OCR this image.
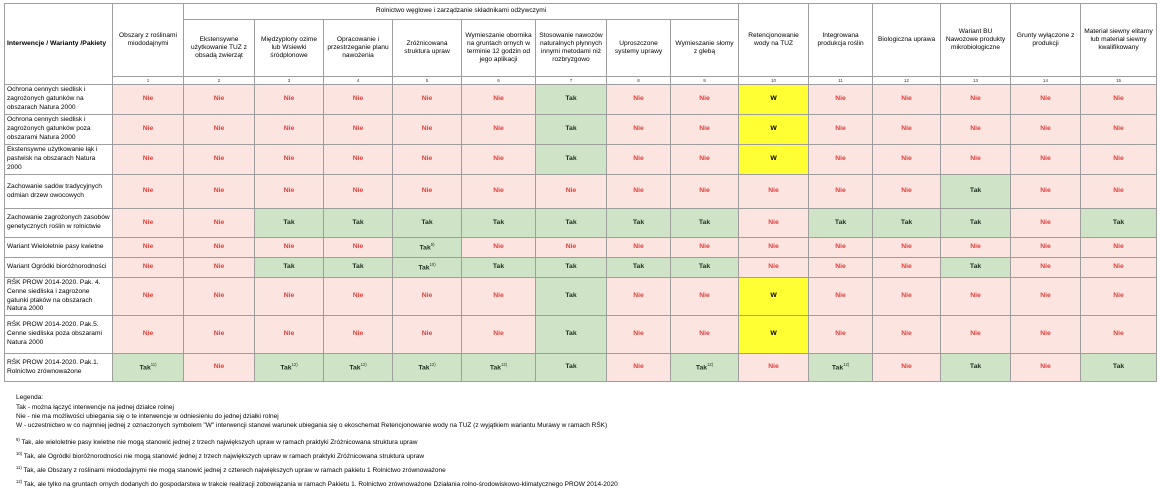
Interwencje / Warianty /Pakiety	Obszary z roślinami miododajnymi	Rolnictwo węglowe i zarządzanie składnikami odżywczymi								Retencjonowanie wody na TUZ	Integrowana produkcja roślin	Biologiczna uprawa	Wariant BU Nawozowe produkty mikrobiologiczne	Grunty wyłączone z produkcji	Materiał siewny elitarny lub materiał siewny kwalifikowany
		Ekstensywne użytkowanie TUZ z obsadą zwierząt	Międzyplony ozime lub Wsiewki śródplonowe	Opracowanie i przestrzeganie planu nawożenia	Zróżnicowana struktura upraw	Wymieszanie obornika na gruntach ornych w terminie 12 godzin od jego aplikacji	Stosowanie nawozów naturalnych płynnych innymi metodami niż rozbryzgowo	Uproszczone systemy uprawy	Wymieszanie słomy z glebą						
	1	2	3	4	5	6	7	8	9	10	11	12	13	14	15
Ochrona cennych siedlisk i zagrożonych gatunków na obszarach Natura 2000	Nie	Nie	Nie	Nie	Nie	Nie	Tak	Nie	Nie	W	Nie	Nie	Nie	Nie	Nie
Ochrona cennych siedlisk i zagrożonych gatunków poza obszarami Natura 2000	Nie	Nie	Nie	Nie	Nie	Nie	Tak	Nie	Nie	W	Nie	Nie	Nie	Nie	Nie
Ekstensywne użytkowanie łąk i pastwisk na obszarach Natura 2000	Nie	Nie	Nie	Nie	Nie	Nie	Tak	Nie	Nie	W	Nie	Nie	Nie	Nie	Nie
Zachowanie sadów tradycyjnych odmian drzew owocowych	Nie	Nie	Nie	Nie	Nie	Nie	Nie	Nie	Nie	Nie	Nie	Nie	Tak	Nie	Nie
Zachowanie zagrożonych zasobów genetycznych roślin w rolnictwie	Nie	Nie	Tak	Tak	Tak	Tak	Tak	Tak	Tak	Nie	Tak	Tak	Tak	Nie	Tak
Wariant Wieloletnie pasy kwietne	Nie	Nie	Nie	Nie	Tak$^{9)}$	Nie	Nie	Nie	Nie	Nie	Nie	Nie	Nie	Nie	Nie
Wariant Ogródki bioróżnorodności	Nie	Nie	Tak	Tak	Tak$^{10)}$	Tak	Tak	Tak	Tak	Nie	Nie	Nie	Tak	Nie	Nie
RŚK PROW 2014-2020. Pak. 4. Cenne siedliska i zagrożone gatunki ptaków na obszarach Natura 2000	Nie	Nie	Nie	Nie	Nie	Nie	Tak	Nie	Nie	W	Nie	Nie	Nie	Nie	Nie
RŚK PROW 2014-2020. Pak.5. Cenne siedliska poza obszarami Natura 2000	Nie	Nie	Nie	Nie	Nie	Nie	Tak	Nie	Nie	W	Nie	Nie	Nie	Nie	Nie
RŚK PROW 2014-2020. Pak.1. Rolnictwo zrównoważone	Tak$^{11)}$	Nie	Tak$^{12)}$	Tak$^{12)}$	Tak$^{12)}$	Tak$^{12)}$	Tak	Nie	Tak$^{12)}$	Nie	Tak$^{12)}$	Nie	Tak	Nie	Tak
Legenda:
Tak - można łączyć interwencje na jednej działce rolnej
Nie - nie ma możliwości ubiegania się o te interwencje w odniesieniu do jednej działki rolnej
W - uczestnictwo w co najmniej jednej z oznaczonych symbolem "W" interwencji stanowi warunek ubiegania się o ekoschemat Retencjonowanie wody na TUZ (z wyjątkiem wariantu Murawy w ramach RŚK)
$^{9)}$ Tak, ale wieloletnie pasy kwietne nie mogą stanowić jednej z trzech największych upraw w ramach praktyki Zróżnicowana struktura upraw
$^{10)}$ Tak, ale Ogródki bioróżnorodności nie mogą stanowić jednej z trzech największych upraw w ramach praktyki Zróżnicowana struktura upraw
$^{11)}$ Tak, ale Obszary z roślinami miododajnymi nie mogą stanowić jednej z czterech największych upraw w ramach pakietu 1 Rolnictwo zrównoważone
$^{12)}$ Tak, ale tylko na gruntach ornych dodanych do gospodarstwa w trakcie realizacji zobowiązania w ramach Pakietu 1. Rolnictwo zrównoważone Działania rolno-środowiskowo-klimatycznego PROW 2014-2020
